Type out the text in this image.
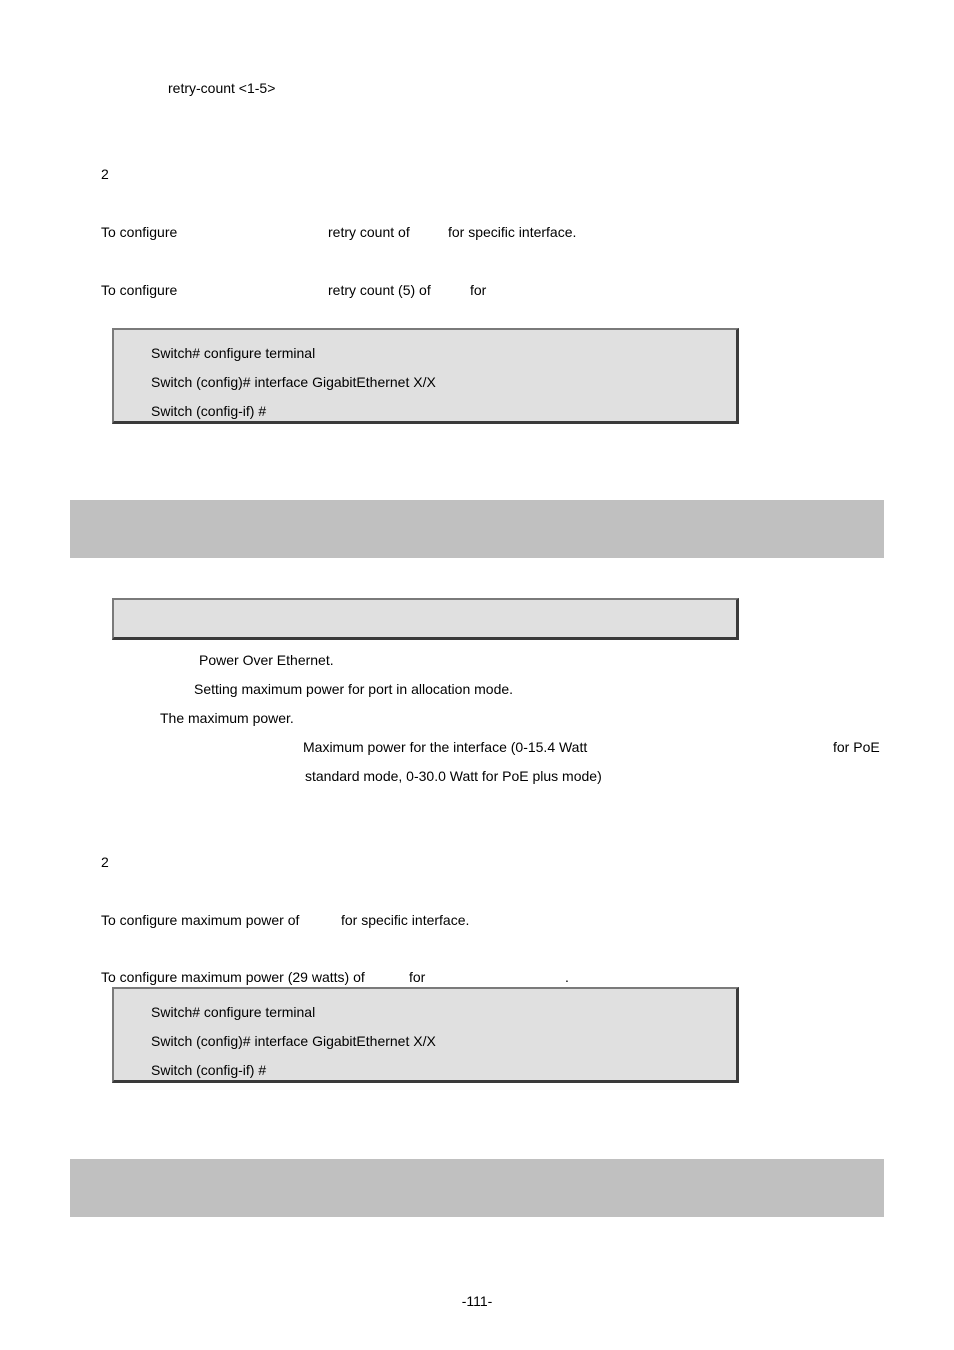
retry-count <1-5>
2
To configure	retry count of	for specific interface.
To configure	retry count (5) of	for
Switch# configure terminal
Switch (config)# interface GigabitEthernet X/X
Switch (config-if) #
Power Over Ethernet.
Setting maximum power for port in allocation mode.
The maximum power.
Maximum power for the interface (0-15.4 Watt	for PoE
standard mode, 0-30.0 Watt for PoE plus mode)
2
To configure maximum power of	for specific interface.
To configure maximum power (29 watts) of	for	.
Switch# configure terminal
Switch (config)# interface GigabitEthernet X/X
Switch (config-if) #
-111-
